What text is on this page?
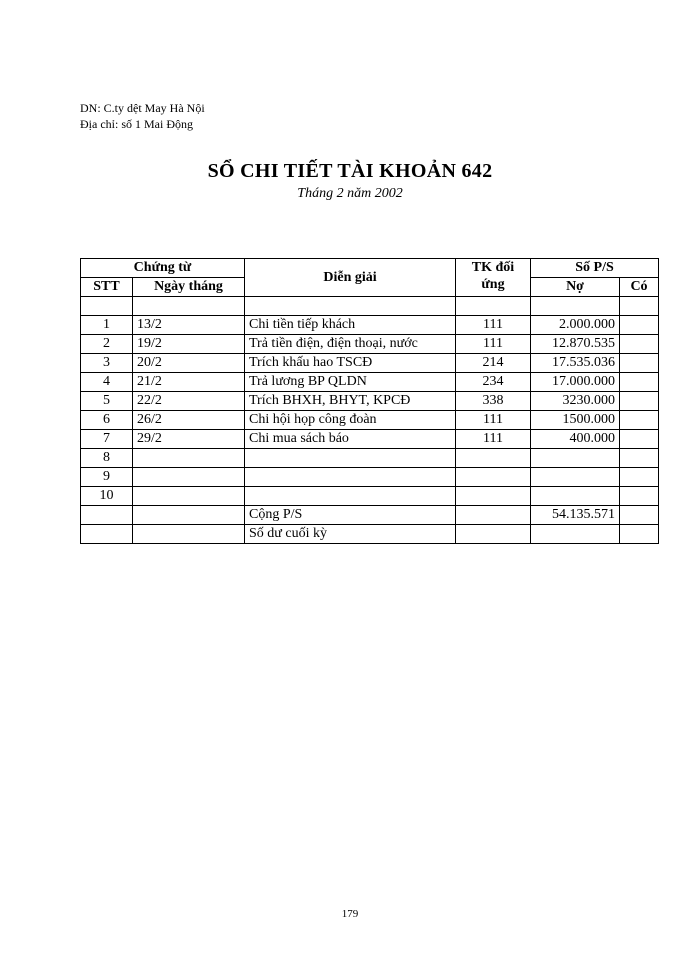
DN: C.ty dệt May Hà Nội
Địa chỉ: số 1 Mai Động
SỔ CHI TIẾT TÀI KHOẢN 642
Tháng 2 năm 2002
Chứng từ		Diễn giải	TK đối ứng	Số P/S	
STT	Ngày tháng			Nợ	Có

1	13/2	Chi tiền tiếp khách	111	2.000.000	
2	19/2	Trả tiền điện, điện thoại, nước	111	12.870.535	
3	20/2	Trích khấu hao TSCĐ	214	17.535.036	
4	21/2	Trả lương BP QLDN	234	17.000.000	
5	22/2	Trích BHXH, BHYT, KPCĐ	338	3230.000	
6	26/2	Chi hội họp công đoàn	111	1500.000	
7	29/2	Chi mua sách báo	111	400.000	
8					
9					
10					
		Cộng P/S		54.135.571	
		Số dư cuối kỳ			
179
